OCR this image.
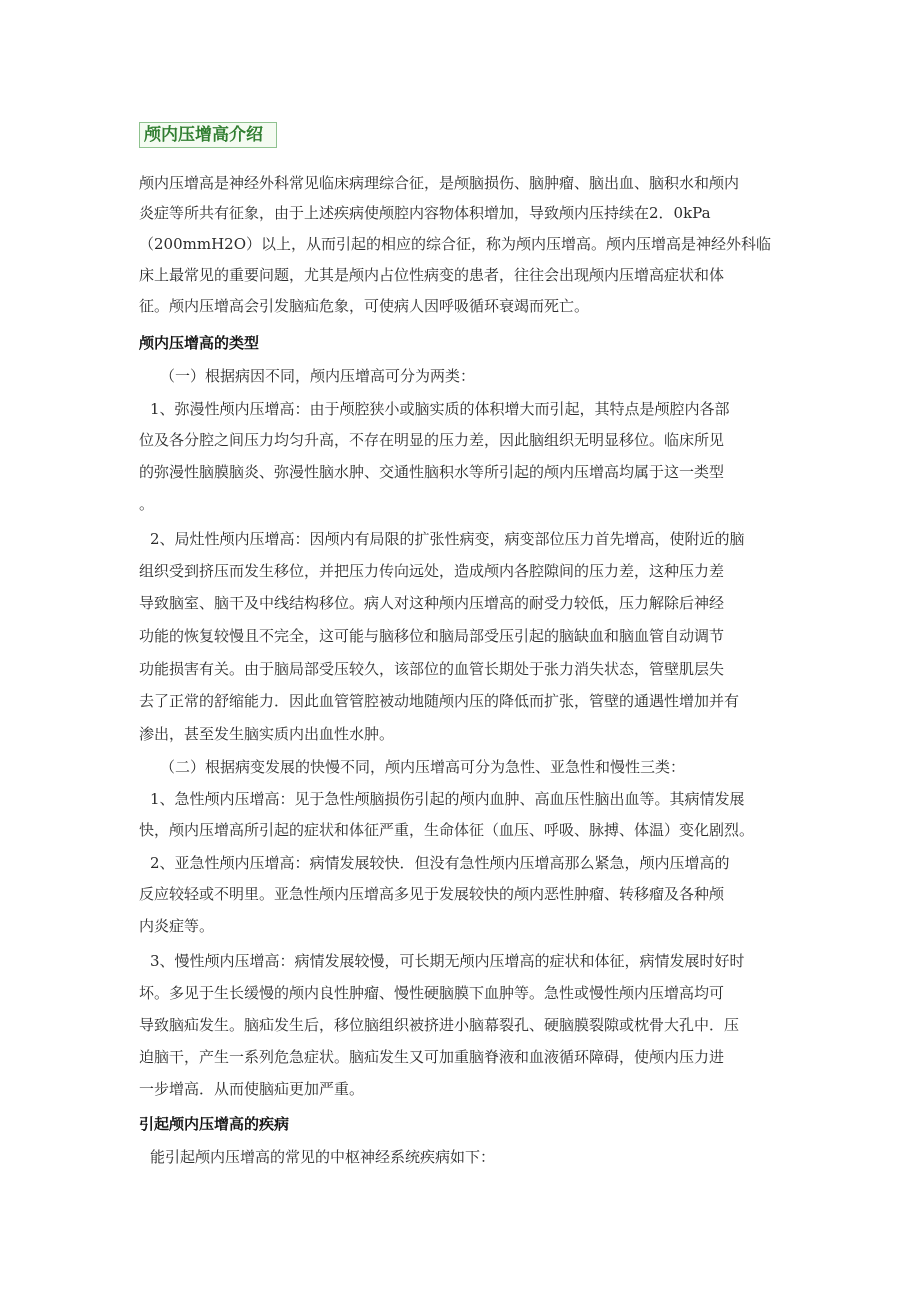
颅内压增高介绍
颅内压增高是神经外科常见临床病理综合征，是颅脑损伤、脑肿瘤、脑出血、脑积水和颅内
炎症等所共有征象，由于上述疾病使颅腔内容物体积增加，导致颅内压持续在2．0kPa
（200mmH2O）以上，从而引起的相应的综合征，称为颅内压增高。颅内压增高是神经外科临
床上最常见的重要问题，尤其是颅内占位性病变的患者，往往会出现颅内压增高症状和体
征。颅内压增高会引发脑疝危象，可使病人因呼吸循环衰竭而死亡。
颅内压增高的类型
（一）根据病因不同，颅内压增高可分为两类：
1、弥漫性颅内压增高：由于颅腔狭小或脑实质的体积增大而引起，其特点是颅腔内各部
位及各分腔之间压力均匀升高，不存在明显的压力差，因此脑组织无明显移位。临床所见
的弥漫性脑膜脑炎、弥漫性脑水肿、交通性脑积水等所引起的颅内压增高均属于这一类型
。
2、局灶性颅内压增高：因颅内有局限的扩张性病变，病变部位压力首先增高，使附近的脑
组织受到挤压而发生移位，并把压力传向远处，造成颅内各腔隙间的压力差，这种压力差
导致脑室、脑干及中线结构移位。病人对这种颅内压增高的耐受力较低，压力解除后神经
功能的恢复较慢且不完全，这可能与脑移位和脑局部受压引起的脑缺血和脑血管自动调节
功能损害有关。由于脑局部受压较久，该部位的血管长期处于张力消失状态，管壁肌层失
去了正常的舒缩能力．因此血管管腔被动地随颅内压的降低而扩张，管壁的通遇性增加并有
渗出，甚至发生脑实质内出血性水肿。
（二）根据病变发展的快慢不同，颅内压增高可分为急性、亚急性和慢性三类：
1、急性颅内压增高：见于急性颅脑损伤引起的颅内血肿、高血压性脑出血等。其病情发展
快，颅内压增高所引起的症状和体征严重，生命体征（血压、呼吸、脉搏、体温）变化剧烈。
2、亚急性颅内压增高：病情发展较快．但没有急性颅内压增高那么紧急，颅内压增高的
反应较轻或不明里。亚急性颅内压增高多见于发展较快的颅内恶性肿瘤、转移瘤及各种颅
内炎症等。
3、慢性颅内压增高：病情发展较慢，可长期无颅内压增高的症状和体征，病情发展时好时
坏。多见于生长缓慢的颅内良性肿瘤、慢性硬脑膜下血肿等。急性或慢性颅内压增高均可
导致脑疝发生。脑疝发生后，移位脑组织被挤进小脑幕裂孔、硬脑膜裂隙或枕骨大孔中．压
迫脑干，产生一系列危急症状。脑疝发生又可加重脑脊液和血液循环障碍，使颅内压力进
一步增高．从而使脑疝更加严重。
引起颅内压增高的疾病
能引起颅内压增高的常见的中枢神经系统疾病如下：
